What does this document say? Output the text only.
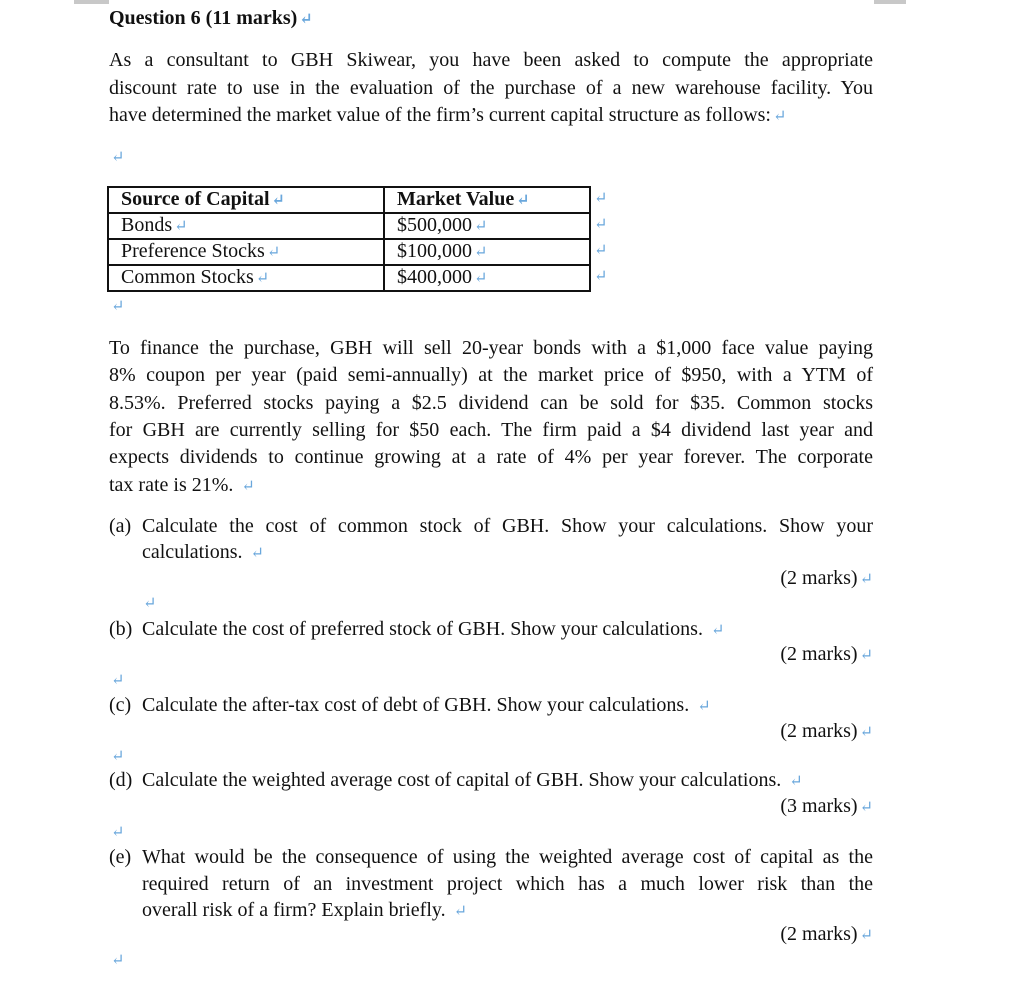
Question 6 (11 marks) ↵
↵
Source of Capital ↵	Market Value ↵
Bonds ↵	$500,000 ↵
Preference Stocks ↵	$100,000 ↵
Common Stocks ↵	$400,000 ↵
↵
↵
↵
↵
↵
As a consultant to GBH Skiwear, you have been asked to compute the appropriate
discount rate to use in the evaluation of the purchase of a new warehouse facility. You
have determined the market value of the firm’s current capital structure as follows: ↵
To finance the purchase, GBH will sell 20-year bonds with a $1,000 face value paying
8% coupon per year (paid semi-annually) at the market price of $950, with a YTM of
8.53%. Preferred stocks paying a $2.5 dividend can be sold for $35. Common stocks
for GBH are currently selling for $50 each. The firm paid a $4 dividend last year and
expects dividends to continue growing at a rate of 4% per year forever. The corporate
tax rate is 21%. ↵
(a) Calculate the cost of common stock of GBH. Show your calculations. Show your
calculations. ↵
(2 marks) ↵
↵
(b) Calculate the cost of preferred stock of GBH. Show your calculations. ↵
(2 marks) ↵
↵
(c) Calculate the after-tax cost of debt of GBH. Show your calculations. ↵
(2 marks) ↵
↵
(d) Calculate the weighted average cost of capital of GBH. Show your calculations. ↵
(3 marks) ↵
↵
(e) What would be the consequence of using the weighted average cost of capital as the
required return of an investment project which has a much lower risk than the
overall risk of a firm? Explain briefly. ↵
(2 marks) ↵
↵
